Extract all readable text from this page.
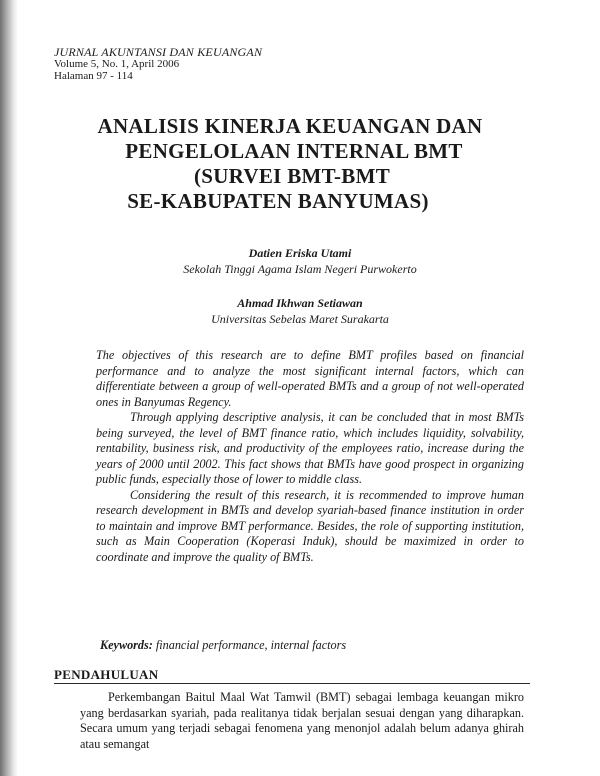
JURNAL AKUNTANSI DAN KEUANGAN
Volume 5, No. 1, April 2006
Halaman 97 - 114
ANALISIS KINERJA KEUANGAN DAN
PENGELOLAAN INTERNAL BMT
(SURVEI BMT-BMT
SE-KABUPATEN BANYUMAS)
Datien Eriska Utami
Sekolah Tinggi Agama Islam Negeri Purwokerto
Ahmad Ikhwan Setiawan
Universitas Sebelas Maret Surakarta

The objectives of this research are to define BMT profiles based on financial performance and to analyze the most significant internal factors, which can differentiate between a group of well-operated BMTs and a group of not well-operated ones in Banyumas Regency.

Through applying descriptive analysis, it can be concluded that in most BMTs being surveyed, the level of BMT finance ratio, which includes liquidity, solvability, rentability, business risk, and productivity of the employees ratio, increase during the years of 2000 until 2002. This fact shows that BMTs have good prospect in organizing public funds, especially those of lower to middle class.

Considering the result of this research, it is recommended to improve human research development in BMTs and develop syariah-based finance institution in order to maintain and improve BMT performance. Besides, the role of supporting institution, such as Main Cooperation (Koperasi Induk), should be maximized in order to coordinate and improve the quality of BMTs.

Keywords: financial performance, internal factors
PENDAHULUAN

Perkembangan Baitul Maal Wat Tamwil (BMT) sebagai lembaga keuangan mikro yang berdasarkan syariah, pada realitanya tidak berjalan sesuai dengan yang diharapkan. Secara umum yang terjadi sebagai fenomena yang menonjol adalah belum adanya ghirah atau semangat
